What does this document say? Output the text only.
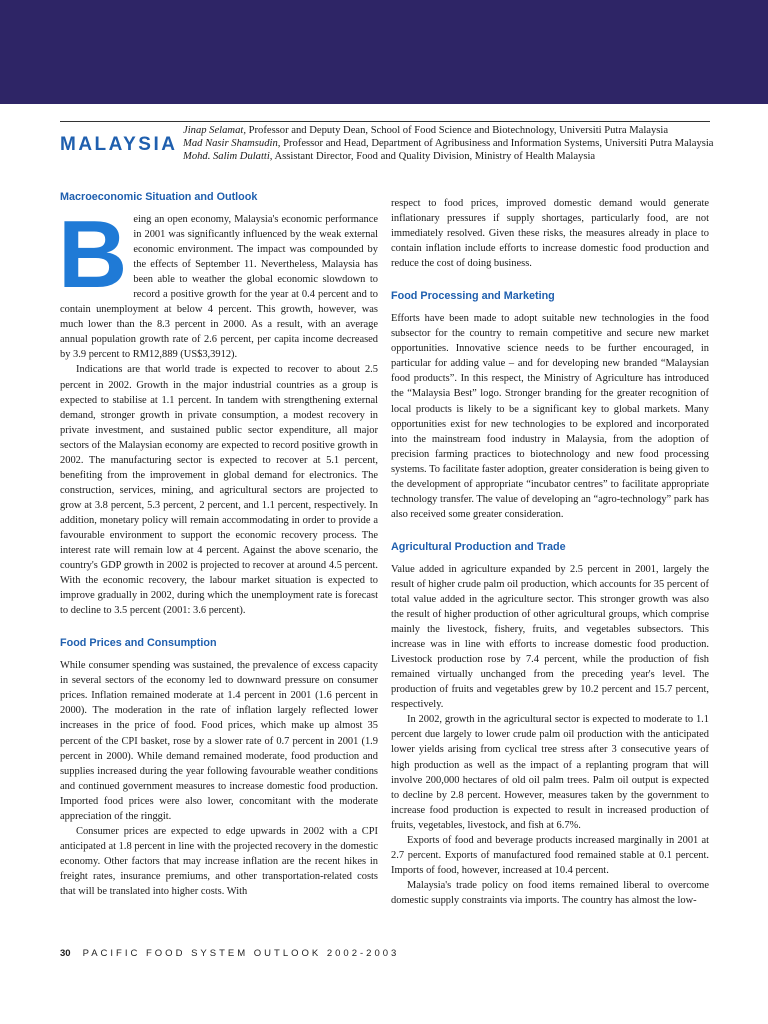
MALAYSIA
Jinap Selamat, Professor and Deputy Dean, School of Food Science and Biotechnology, Universiti Putra Malaysia
Mad Nasir Shamsudin, Professor and Head, Department of Agribusiness and Information Systems, Universiti Putra Malaysia
Mohd. Salim Dulatti, Assistant Director, Food and Quality Division, Ministry of Health Malaysia
Macroeconomic Situation and Outlook
B eing an open economy, Malaysia's economic performance in 2001 was significantly influenced by the weak external economic environment. The impact was compounded by the effects of September 11. Nevertheless, Malaysia has been able to weather the global economic slowdown to record a positive growth for the year at 0.4 percent and to contain unemployment at below 4 percent. This growth, however, was much lower than the 8.3 percent in 2000. As a result, with an average annual population growth rate of 2.6 percent, per capita income decreased by 3.9 percent to RM12,889 (US$3,3912).

Indications are that world trade is expected to recover to about 2.5 percent in 2002. Growth in the major industrial countries as a group is expected to stabilise at 1.1 percent. In tandem with strengthening external demand, stronger growth in private consumption, a modest recovery in private investment, and sustained public sector expenditure, all major sectors of the Malaysian economy are expected to record positive growth in 2002. The manufacturing sector is expected to recover at 5.1 percent, benefiting from the improvement in global demand for electronics. The construction, services, mining, and agricultural sectors are projected to grow at 3.8 percent, 5.3 percent, 2 percent, and 1.1 percent, respectively. In addition, monetary policy will remain accommodating in order to provide a favourable environment to support the economic recovery process. The interest rate will remain low at 4 percent. Against the above scenario, the country's GDP growth in 2002 is projected to recover at around 4.5 percent. With the economic recovery, the labour market situation is expected to improve gradually in 2002, during which the unemployment rate is forecast to decline to 3.5 percent (2001: 3.6 percent).

Food Prices and Consumption

While consumer spending was sustained, the prevalence of excess capacity in several sectors of the economy led to downward pressure on consumer prices. Inflation remained moderate at 1.4 percent in 2001 (1.6 percent in 2000). The moderation in the rate of inflation largely reflected lower increases in the price of food. Food prices, which make up almost 35 percent of the CPI basket, rose by a slower rate of 0.7 percent in 2001 (1.9 percent in 2000). While demand remained moderate, food production and supplies increased during the year following favourable weather conditions and continued government measures to increase domestic food production. Imported food prices were also lower, concomitant with the moderate appreciation of the ringgit.

Consumer prices are expected to edge upwards in 2002 with a CPI anticipated at 1.8 percent in line with the projected recovery in the domestic economy. Other factors that may increase inflation are the recent hikes in freight rates, insurance premiums, and other transportation-related costs that will be translated into higher costs. With

respect to food prices, improved domestic demand would generate inflationary pressures if supply shortages, particularly food, are not immediately resolved. Given these risks, the measures already in place to contain inflation include efforts to increase domestic food production and reduce the cost of doing business.

Food Processing and Marketing

Efforts have been made to adopt suitable new technologies in the food subsector for the country to remain competitive and secure new market opportunities. Innovative science needs to be further encouraged, in particular for adding value – and for developing new branded “Malaysian food products”. In this respect, the Ministry of Agriculture has introduced the “Malaysia Best” logo. Stronger branding for the greater recognition of local products is likely to be a significant key to global markets. Many opportunities exist for new technologies to be explored and incorporated into the mainstream food industry in Malaysia, from the adoption of precision farming practices to biotechnology and new food processing systems. To facilitate faster adoption, greater consideration is being given to the development of appropriate “incubator centres” to facilitate appropriate technology transfer. The value of developing an “agro-technology” park has also received some greater consideration.

Agricultural Production and Trade

Value added in agriculture expanded by 2.5 percent in 2001, largely the result of higher crude palm oil production, which accounts for 35 percent of total value added in the agriculture sector. This stronger growth was also the result of higher production of other agricultural groups, which comprise mainly the livestock, fishery, fruits, and vegetables subsectors. This increase was in line with efforts to increase domestic food production. Livestock production rose by 7.4 percent, while the production of fish remained virtually unchanged from the preceding year's level. The production of fruits and vegetables grew by 10.2 percent and 15.7 percent, respectively.

In 2002, growth in the agricultural sector is expected to moderate to 1.1 percent due largely to lower crude palm oil production with the anticipated lower yields arising from cyclical tree stress after 3 consecutive years of high production as well as the impact of a replanting program that will involve 200,000 hectares of old oil palm trees. Palm oil output is expected to decline by 2.8 percent. However, measures taken by the government to increase food production is expected to result in increased production of fruits, vegetables, livestock, and fish at 6.7%.

Exports of food and beverage products increased marginally in 2001 at 2.7 percent. Exports of manufactured food remained stable at 0.1 percent. Imports of food, however, increased at 10.4 percent.

Malaysia's trade policy on food items remained liberal to overcome domestic supply constraints via imports. The country has almost the low-

30 PACIFIC FOOD SYSTEM OUTLOOK 2002-2003
